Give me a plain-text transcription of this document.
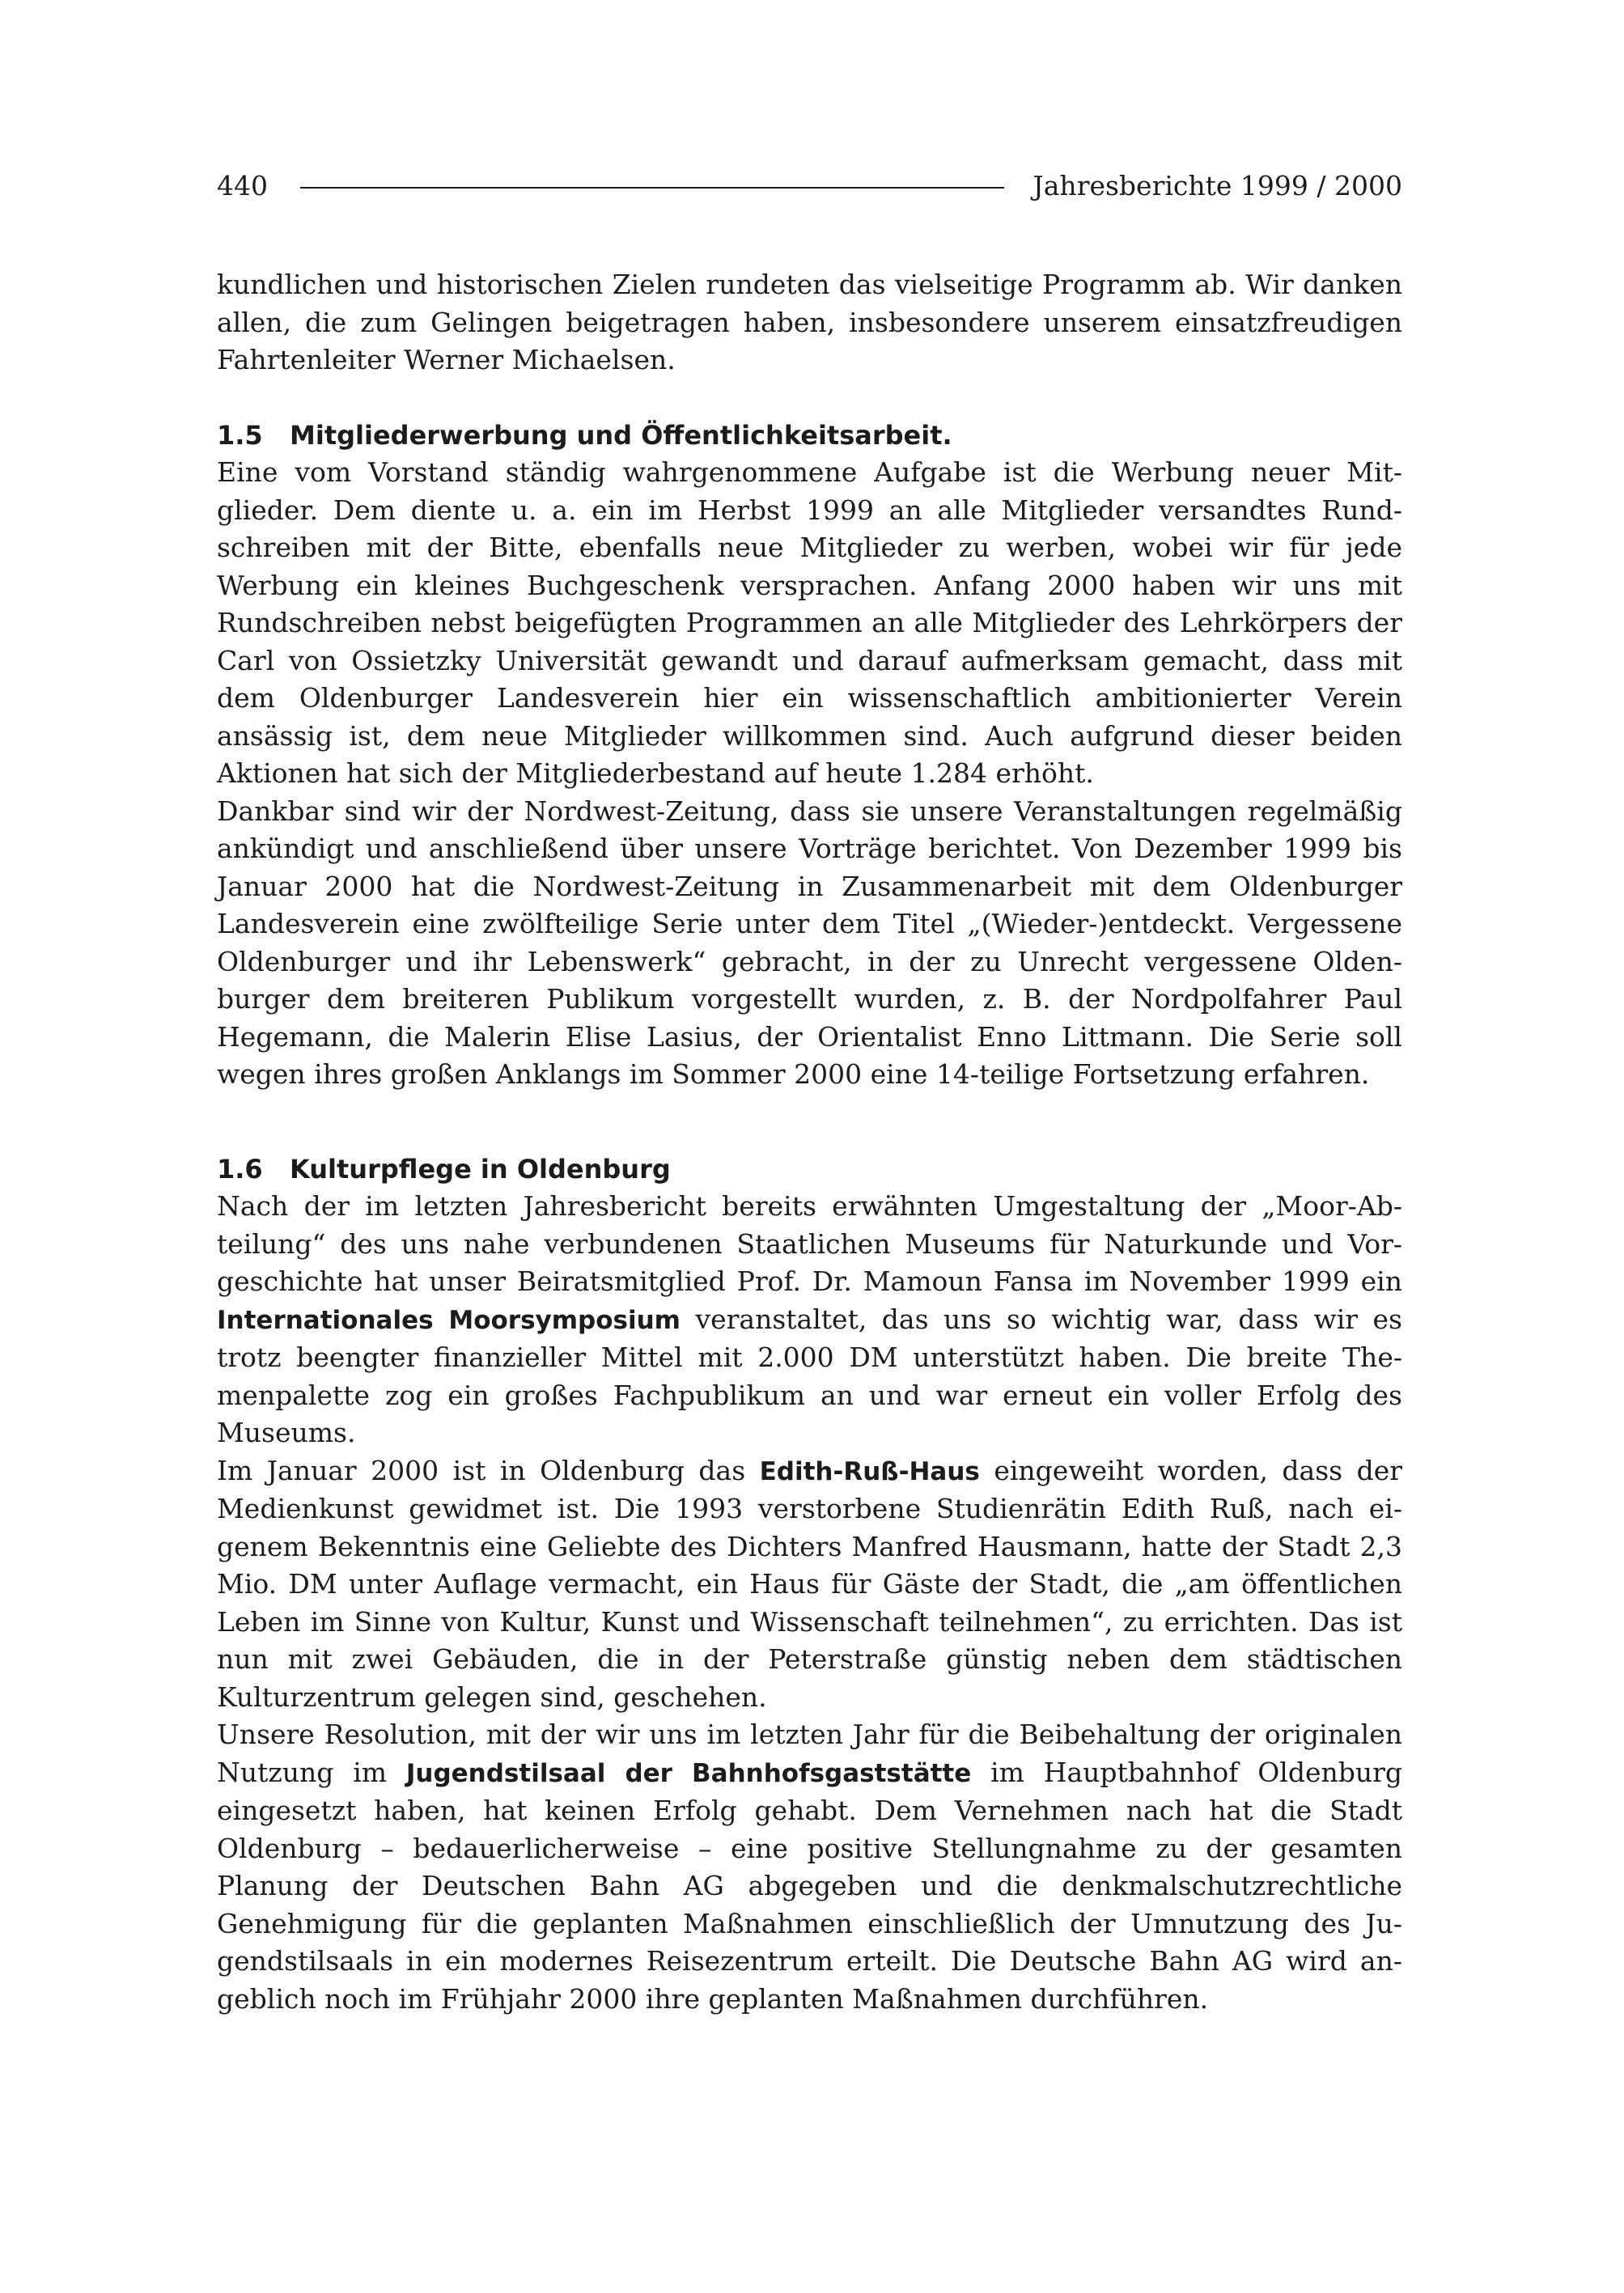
440	Jahresberichte 1999 / 2000

kundlichen und historischen Zielen rundeten das vielseitige Programm ab. Wir danken allen, die zum Gelingen beigetragen haben, insbesondere unserem einsatzfreudigen Fahrtenleiter Werner Michaelsen.

1.5 Mitgliederwerbung und Öffentlichkeitsarbeit.

Eine vom Vorstand ständig wahrgenommene Aufgabe ist die Werbung neuer Mitglieder. Dem diente u. a. ein im Herbst 1999 an alle Mitglieder versandtes Rundschreiben mit der Bitte, ebenfalls neue Mitglieder zu werben, wobei wir für jede Werbung ein kleines Buchgeschenk versprachen. Anfang 2000 haben wir uns mit Rundschreiben nebst beigefügten Programmen an alle Mitglieder des Lehrkörpers der Carl von Ossietzky Universität gewandt und darauf aufmerksam gemacht, dass mit dem Oldenburger Landesverein hier ein wissenschaftlich ambitionierter Verein ansässig ist, dem neue Mitglieder willkommen sind. Auch aufgrund dieser beiden Aktionen hat sich der Mitgliederbestand auf heute 1.284 erhöht.

Dankbar sind wir der Nordwest-Zeitung, dass sie unsere Veranstaltungen regelmäßig ankündigt und anschließend über unsere Vorträge berichtet. Von Dezember 1999 bis Januar 2000 hat die Nordwest-Zeitung in Zusammenarbeit mit dem Oldenburger Landesverein eine zwölfteilige Serie unter dem Titel „(Wieder-)entdeckt. Vergessene Oldenburger und ihr Lebenswerk“ gebracht, in der zu Unrecht vergessene Oldenburger dem breiteren Publikum vorgestellt wurden, z. B. der Nordpolfahrer Paul Hegemann, die Malerin Elise Lasius, der Orientalist Enno Littmann. Die Serie soll wegen ihres großen Anklangs im Sommer 2000 eine 14-teilige Fortsetzung erfahren.

1.6 Kulturpflege in Oldenburg

Nach der im letzten Jahresbericht bereits erwähnten Umgestaltung der „Moor-Abteilung“ des uns nahe verbundenen Staatlichen Museums für Naturkunde und Vorgeschichte hat unser Beiratsmitglied Prof. Dr. Mamoun Fansa im November 1999 ein Internationales Moorsymposium veranstaltet, das uns so wichtig war, dass wir es trotz beengter finanzieller Mittel mit 2.000 DM unterstützt haben. Die breite Themenpalette zog ein großes Fachpublikum an und war erneut ein voller Erfolg des Museums.

Im Januar 2000 ist in Oldenburg das Edith-Ruß-Haus eingeweiht worden, dass der Medienkunst gewidmet ist. Die 1993 verstorbene Studienrätin Edith Ruß, nach eigenem Bekenntnis eine Geliebte des Dichters Manfred Hausmann, hatte der Stadt 2,3 Mio. DM unter Auflage vermacht, ein Haus für Gäste der Stadt, die „am öffentlichen Leben im Sinne von Kultur, Kunst und Wissenschaft teilnehmen“, zu errichten. Das ist nun mit zwei Gebäuden, die in der Peterstraße günstig neben dem städtischen Kulturzentrum gelegen sind, geschehen.

Unsere Resolution, mit der wir uns im letzten Jahr für die Beibehaltung der originalen Nutzung im Jugendstilsaal der Bahnhofsgaststätte im Hauptbahnhof Oldenburg eingesetzt haben, hat keinen Erfolg gehabt. Dem Vernehmen nach hat die Stadt Oldenburg – bedauerlicherweise – eine positive Stellungnahme zu der gesamten Planung der Deutschen Bahn AG abgegeben und die denkmalschutzrechtliche Genehmigung für die geplanten Maßnahmen einschließlich der Umnutzung des Jugendstilsaals in ein modernes Reisezentrum erteilt. Die Deutsche Bahn AG wird angeblich noch im Frühjahr 2000 ihre geplanten Maßnahmen durchführen.
